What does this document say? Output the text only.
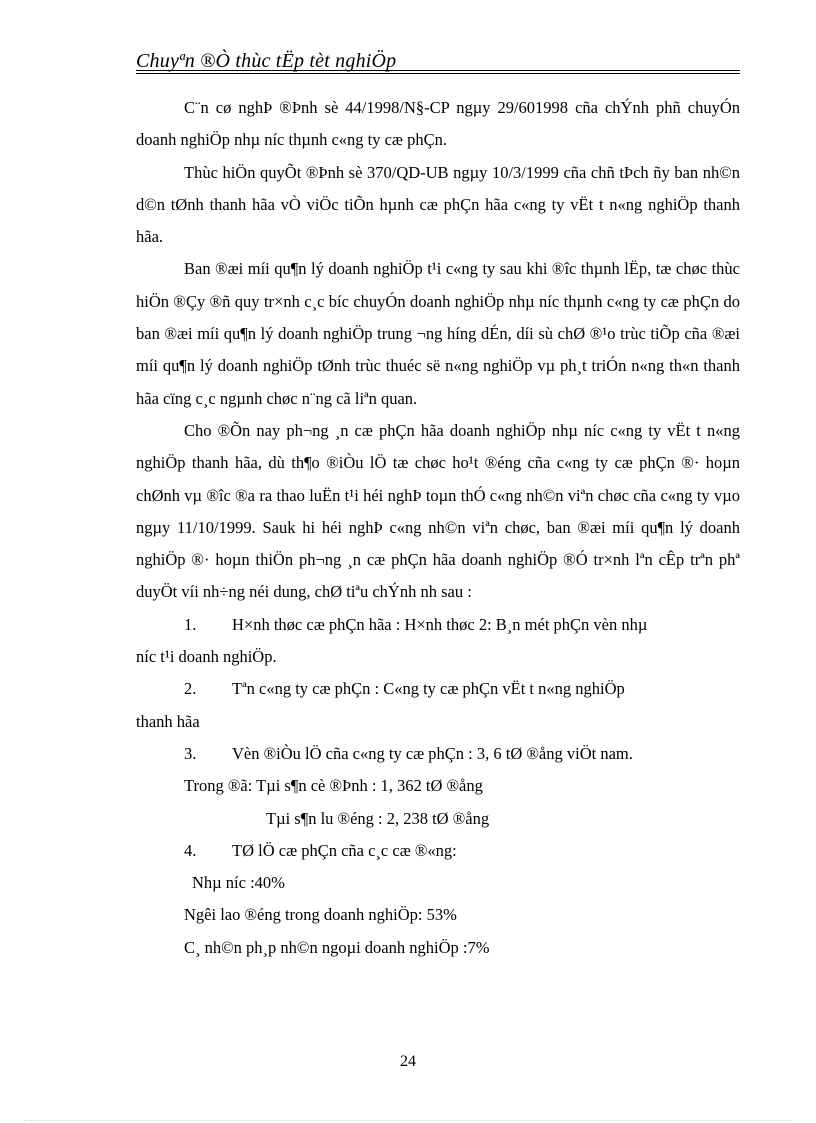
Chuyªn ®Ò thùc tËp tèt nghiÖp

C¨n cø nghÞ ®Þnh sè 44/1998/N§-CP ngµy 29/601998 cña chÝnh phñ chuyÓn doanh nghiÖp nhµ níc thµnh c«ng ty cæ phÇn.

Thùc hiÖn quyÕt ®Þnh sè 370/QD-UB ngµy 10/3/1999 cña chñ tÞch ñy ban nh©n d©n tØnh thanh hãa vÒ viÖc tiÕn hµnh cæ phÇn hãa c«ng ty vËt t n«ng nghiÖp thanh hãa.

Ban ®æi míi qu¶n lý doanh nghiÖp t¹i c«ng ty sau khi ®îc thµnh lËp, tæ chøc thùc hiÖn ®Çy ®ñ quy tr×nh c¸c bíc chuyÓn doanh nghiÖp nhµ níc thµnh c«ng ty cæ phÇn do ban ®æi míi qu¶n lý doanh nghiÖp trung ¬ng híng dÉn, díi sù chØ ®¹o trùc tiÕp cña ®æi míi qu¶n lý doanh nghiÖp tØnh trùc thuéc së n«ng nghiÖp vµ ph¸t triÓn n«ng th«n thanh hãa cïng c¸c ngµnh chøc n¨ng cã liªn quan.

Cho ®Õn nay ph¬ng ¸n cæ phÇn hãa doanh nghiÖp nhµ níc c«ng ty vËt t n«ng nghiÖp thanh hãa, dù th¶o ®iÒu lÖ tæ chøc ho¹t ®éng cña c«ng ty cæ phÇn ®· hoµn chØnh vµ ®îc ®a ra thao luËn t¹i héi nghÞ toµn thÓ c«ng nh©n viªn chøc cña c«ng ty vµo ngµy 11/10/1999. Sauk hi héi nghÞ c«ng nh©n viªn chøc, ban ®æi míi qu¶n lý doanh nghiÖp ®· hoµn thiÖn ph¬ng ¸n cæ phÇn hãa doanh nghiÖp ®Ó tr×nh lªn cÊp trªn phª duyÖt víi nh÷ng néi dung, chØ tiªu chÝnh nh sau :

1. H×nh thøc cæ phÇn hãa : H×nh thøc 2: B¸n mét phÇn vèn nhµ
níc t¹i doanh nghiÖp.
2. Tªn c«ng ty cæ phÇn : C«ng ty cæ phÇn vËt t n«ng nghiÖp
thanh hãa
3. Vèn ®iÒu lÖ cña c«ng ty cæ phÇn : 3, 6 tØ ®ång viÖt nam.
Trong ®ã: Tµi s¶n cè ®Þnh : 1, 362 tØ ®ång
Tµi s¶n lu ®éng : 2, 238 tØ ®ång
4. TØ lÖ cæ phÇn cña c¸c cæ ®«ng:
Nhµ níc :40%
Ngêi lao ®éng trong doanh nghiÖp: 53%
C¸ nh©n ph¸p nh©n ngoµi doanh nghiÖp :7%
24
